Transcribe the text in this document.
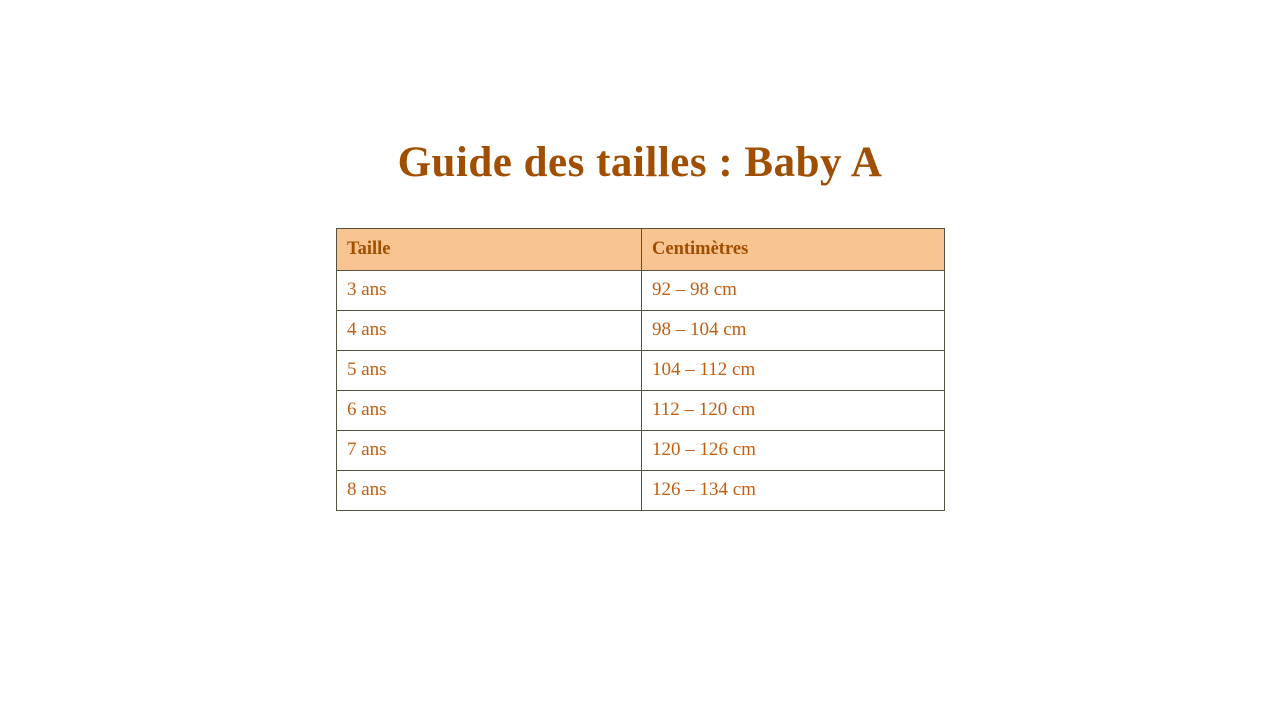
Guide des tailles : Baby A
Taille	Centimètres
3 ans	92 – 98 cm
4 ans	98 – 104 cm
5 ans	104 – 112 cm
6 ans	112 – 120 cm
7 ans	120 – 126 cm
8 ans	126 – 134 cm
